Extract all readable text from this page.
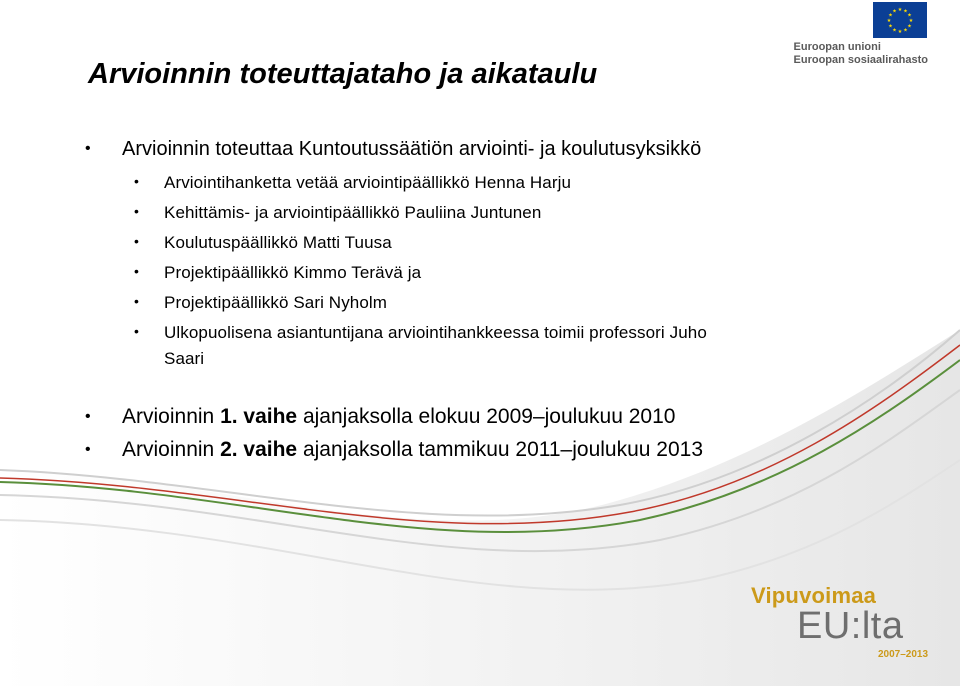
★ ★
★
★
★
★
★
★
★
★
★
★
Euroopan unioni
Euroopan sosiaalirahasto
Arvioinnin toteuttajataho ja aikataulu
• Arvioinnin toteuttaa Kuntoutussäätiön arviointi- ja koulutusyksikkö
• Arviointihanketta vetää arviointipäällikkö Henna Harju
• Kehittämis- ja arviointipäällikkö Pauliina Juntunen
• Koulutuspäällikkö Matti Tuusa
• Projektipäällikkö Kimmo Terävä ja
• Projektipäällikkö Sari Nyholm
• Ulkopuolisena asiantuntijana arviointihankkeessa toimii professori Juho
Saari
• Arvioinnin 1. vaihe ajanjaksolla elokuu 2009–joulukuu 2010
• Arvioinnin 2. vaihe ajanjaksolla tammikuu 2011–joulukuu 2013
Vipuvoimaa
EU:lta
2007–2013
